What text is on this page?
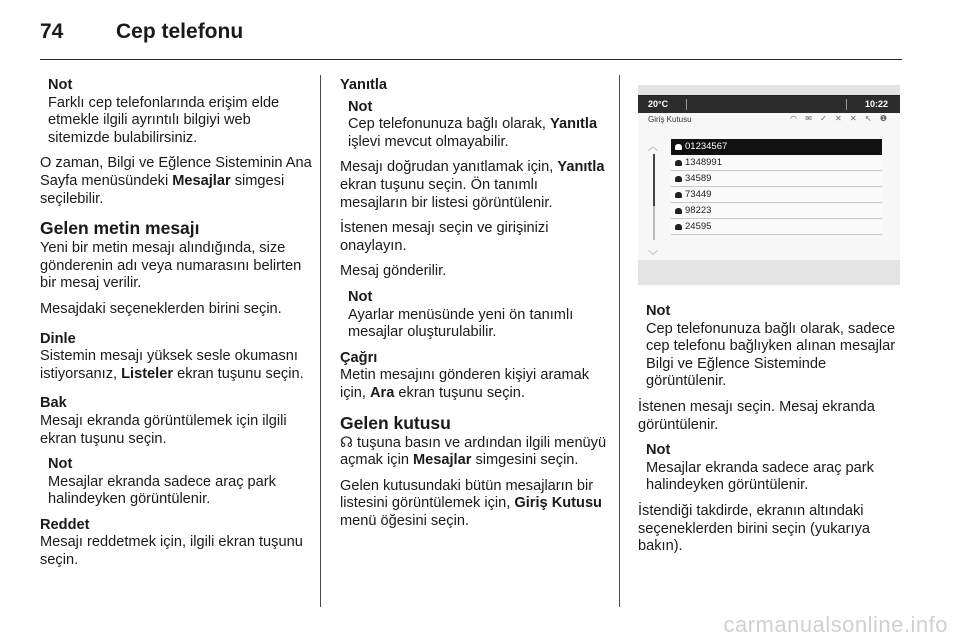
74	Cep telefonu
Not
Farklı cep telefonlarında erişim elde etmekle ilgili ayrıntılı bilgiyi web sitemizde bulabilirsiniz.

O zaman, Bilgi ve Eğlence Sisteminin Ana Sayfa menüsündeki Mesajlar simgesi seçilebilir.

Gelen metin mesajı

Yeni bir metin mesajı alındığında, size gönderenin adı veya numarasını belirten bir mesaj verilir.

Mesajdaki seçeneklerden birini seçin.

Dinle

Sistemin mesajı yüksek sesle okumasnı istiyorsanız, Listeler ekran tuşunu seçin.

Bak

Mesajı ekranda görüntülemek için ilgili ekran tuşunu seçin.

Not
Mesajlar ekranda sadece araç park halindeyken görüntülenir.
Reddet

Mesajı reddetmek için, ilgili ekran tuşunu seçin.

Yanıtla
Not
Cep telefonunuza bağlı olarak, Yanıtla işlevi mevcut olmayabilir.

Mesajı doğrudan yanıtlamak için, Yanıtla ekran tuşunu seçin. Ön tanımlı mesajların bir listesi görüntülenir.

İstenen mesajı seçin ve girişinizi onaylayın.

Mesaj gönderilir.

Not
Ayarlar menüsünde yeni ön tanımlı mesajlar oluşturulabilir.
Çağrı

Metin mesajını gönderen kişiyi aramak için, Ara ekran tuşunu seçin.

Gelen kutusu

☊ tuşuna basın ve ardından ilgili menüyü açmak için Mesajlar simgesini seçin.

Gelen kutusundaki bütün mesajların bir listesini görüntülemek için, Giriş Kutusu menü öğesini seçin.

20°C	10:22
Giriş Kutusu	◠ ✉ ✓ ✕ ✕ ↖ ❶
︿
﹀
01234567
1348991
34589
73449
98223
24595
Not
Cep telefonunuza bağlı olarak, sadece cep telefonu bağlıyken alınan mesajlar Bilgi ve Eğlence Sisteminde görüntülenir.

İstenen mesajı seçin. Mesaj ekranda görüntülenir.

Not
Mesajlar ekranda sadece araç park halindeyken görüntülenir.

İstendiği takdirde, ekranın altındaki seçeneklerden birini seçin (yukarıya bakın).

carmanualsonline.info
